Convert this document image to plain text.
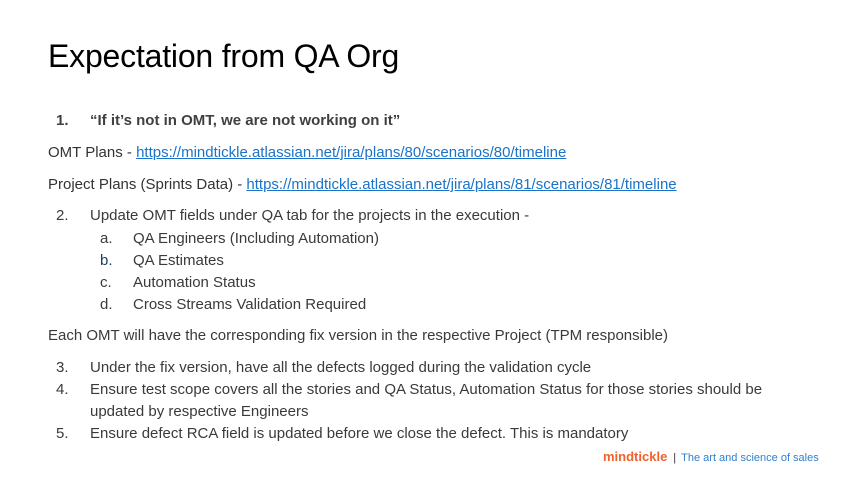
Expectation from QA Org
1. “If it’s not in OMT, we are not working on it”
OMT Plans - https://mindtickle.atlassian.net/jira/plans/80/scenarios/80/timeline
Project Plans (Sprints Data) - https://mindtickle.atlassian.net/jira/plans/81/scenarios/81/timeline
2. Update OMT fields under QA tab for the projects in the execution -
a. QA Engineers (Including Automation)
b. QA Estimates
c. Automation Status
d. Cross Streams Validation Required
Each OMT will have the corresponding fix version in the respective Project (TPM responsible)
3. Under the fix version, have all the defects logged during the validation cycle
4. Ensure test scope covers all the stories and QA Status, Automation Status for those stories should be
updated by respective Engineers
5. Ensure defect RCA field is updated before we close the defect. This is mandatory
mindtickle | The art and science of sales
